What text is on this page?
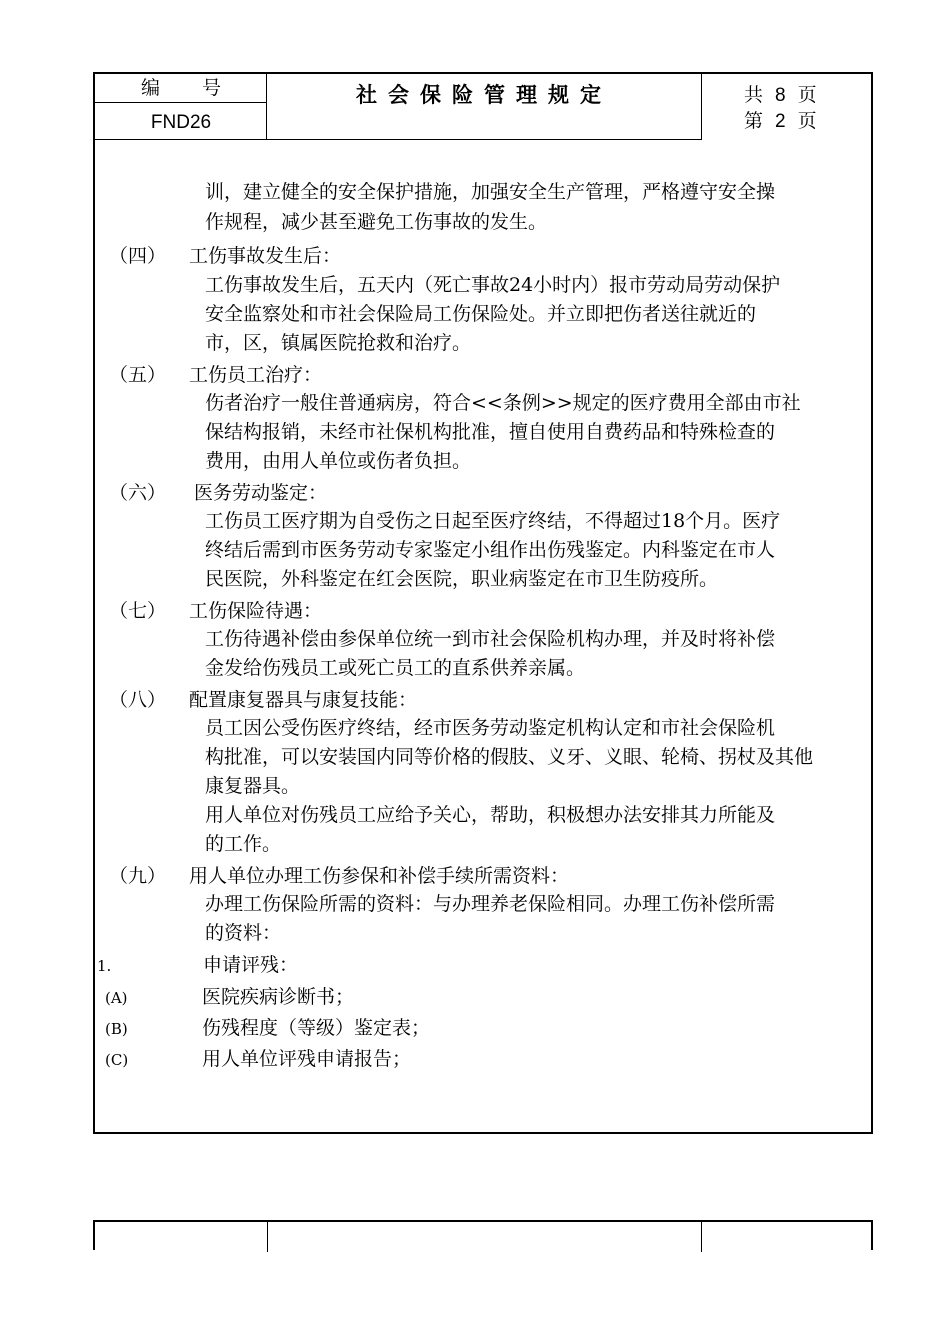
编 号
FND26
社会保险管理规定	共 8 页
第 2 页
训，建立健全的安全保护措施，加强安全生产管理，严格遵守安全操
作规程，减少甚至避免工伤事故的发生。
（四） 工伤事故发生后：
工伤事故发生后，五天内（死亡事故24小时内）报市劳动局劳动保护
安全监察处和市社会保险局工伤保险处。并立即把伤者送往就近的
市，区，镇属医院抢救和治疗。
（五） 工伤员工治疗：
伤者治疗一般住普通病房，符合<<条例>>规定的医疗费用全部由市社
保结构报销，未经市社保机构批准，擅自使用自费药品和特殊检查的
费用，由用人单位或伤者负担。
（六） 医务劳动鉴定：
工伤员工医疗期为自受伤之日起至医疗终结，不得超过18个月。医疗
终结后需到市医务劳动专家鉴定小组作出伤残鉴定。内科鉴定在市人
民医院，外科鉴定在红会医院，职业病鉴定在市卫生防疫所。
（七） 工伤保险待遇：
工伤待遇补偿由参保单位统一到市社会保险机构办理，并及时将补偿
金发给伤残员工或死亡员工的直系供养亲属。
（八） 配置康复器具与康复技能：
员工因公受伤医疗终结，经市医务劳动鉴定机构认定和市社会保险机
构批准，可以安装国内同等价格的假肢、义牙、义眼、轮椅、拐杖及其他
康复器具。
用人单位对伤残员工应给予关心，帮助，积极想办法安排其力所能及
的工作。
（九） 用人单位办理工伤参保和补偿手续所需资料：
办理工伤保险所需的资料：与办理养老保险相同。办理工伤补偿所需
的资料：
1.	申请评残：
(A)	医院疾病诊断书；
(B)	伤残程度（等级）鉴定表；
(C)	用人单位评残申请报告；
